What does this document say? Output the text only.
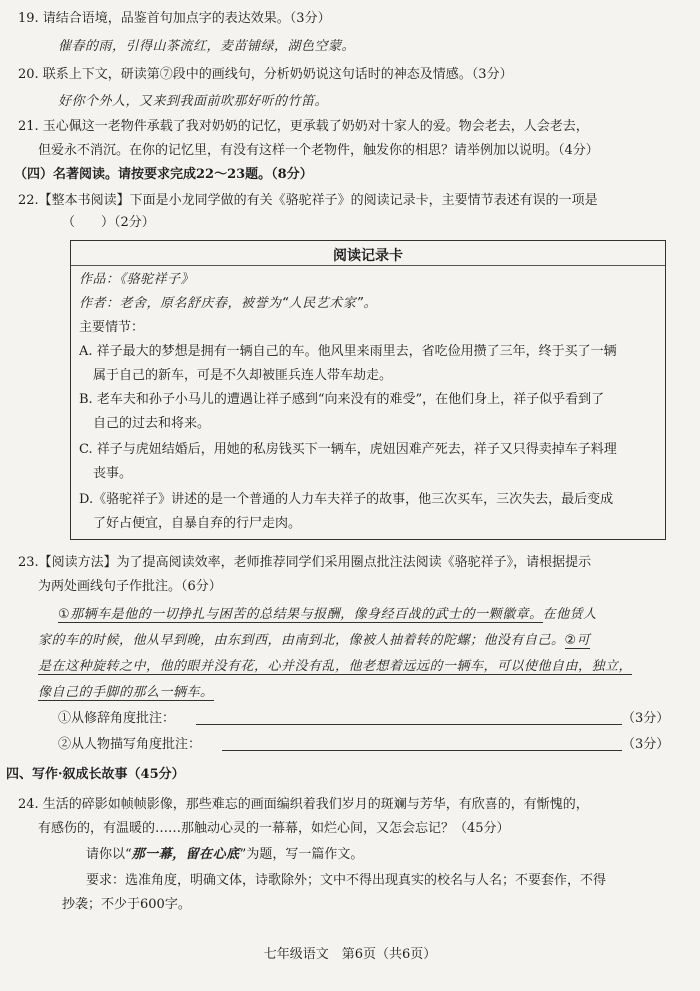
19. 请结合语境，品鉴首句加点字的表达效果。（3分）
催春的雨，引得山茶流红，麦苗铺绿，湖色空蒙。
20. 联系上下文，研读第⑦段中的画线句，分析奶奶说这句话时的神态及情感。（3分）
好你个外人，又来到我面前吹那好听的竹笛。
21. 玉心佩这一老物件承载了我对奶奶的记忆，更承载了奶奶对十家人的爱。物会老去，人会老去，
但爱永不消沉。在你的记忆里，有没有这样一个老物件，触发你的相思？请举例加以说明。（4分）
（四）名著阅读。请按要求完成22～23题。（8分）
22.【整本书阅读】下面是小龙同学做的有关《骆驼祥子》的阅读记录卡，主要情节表述有误的一项是
（　　）（2分）
阅读记录卡
作品：《骆驼祥子》
作者：老舍，原名舒庆春，被誉为“人民艺术家”。
主要情节：
A. 祥子最大的梦想是拥有一辆自己的车。他风里来雨里去，省吃俭用攒了三年，终于买了一辆
属于自己的新车，可是不久却被匪兵连人带车劫走。
B. 老车夫和孙子小马儿的遭遇让祥子感到“向来没有的难受”，在他们身上，祥子似乎看到了
自己的过去和将来。
C. 祥子与虎妞结婚后，用她的私房钱买下一辆车，虎妞因难产死去，祥子又只得卖掉车子料理
丧事。
D.《骆驼祥子》讲述的是一个普通的人力车夫祥子的故事，他三次买车，三次失去，最后变成
了好占便宜，自暴自弃的行尸走肉。
23.【阅读方法】为了提高阅读效率，老师推荐同学们采用圈点批注法阅读《骆驼祥子》，请根据提示
为两处画线句子作批注。（6分）
①那辆车是他的一切挣扎与困苦的总结果与报酬，像身经百战的武士的一颗徽章。在他赁人
家的车的时候，他从早到晚，由东到西，由南到北，像被人抽着转的陀螺；他没有自己。②可
是在这种旋转之中，他的眼并没有花，心并没有乱，他老想着远远的一辆车，可以使他自由，独立，
像自己的手脚的那么一辆车。
①从修辞角度批注：	（3分）
②从人物描写角度批注：	（3分）
四、写作·叙成长故事（45分）
24. 生活的碎影如帧帧影像，那些难忘的画面编织着我们岁月的斑斓与芳华，有欣喜的，有惭愧的，
有感伤的，有温暖的……那触动心灵的一幕幕，如烂心间，又怎会忘记？（45分）
请你以“那一幕，留在心底”为题，写一篇作文。
要求：选准角度，明确文体，诗歌除外；文中不得出现真实的校名与人名；不要套作，不得
抄袭；不少于600字。
七年级语文　第6页（共6页）
